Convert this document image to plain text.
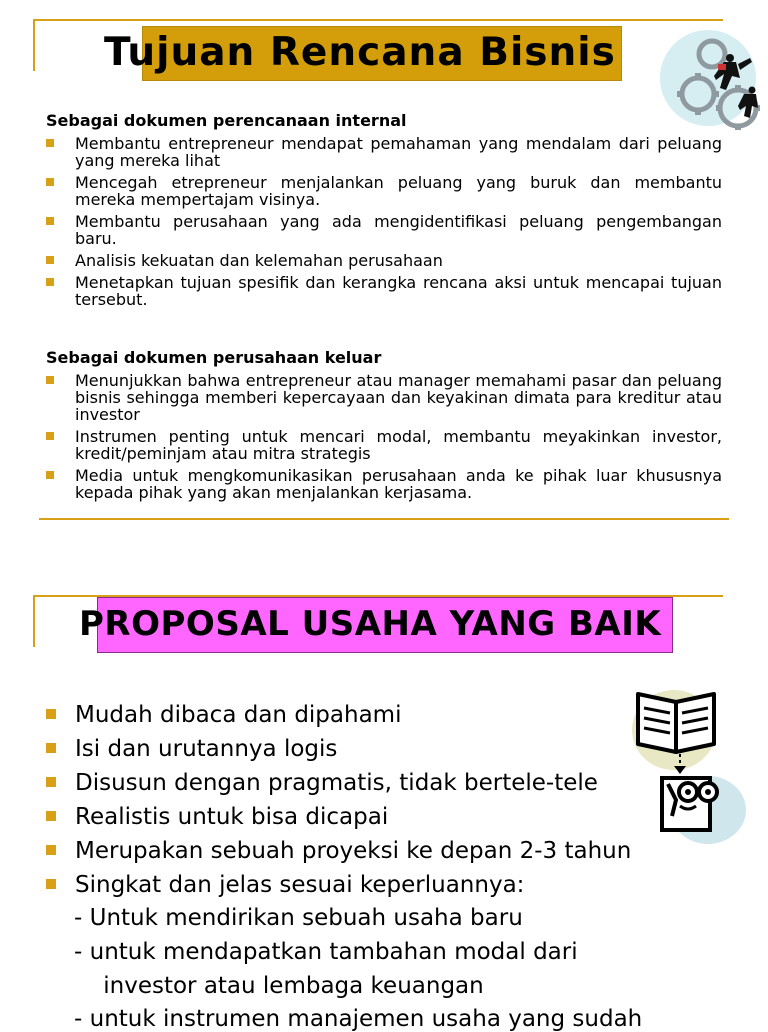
Tujuan Rencana Bisnis
Sebagai dokumen perencanaan internal
Membantu entrepreneur mendapat pemahaman yang mendalam dari peluang yang mereka lihat
Mencegah etrepreneur menjalankan peluang yang buruk dan membantu mereka mempertajam visinya.
Membantu perusahaan yang ada mengidentifikasi peluang pengembangan baru.
Analisis kekuatan dan kelemahan perusahaan
Menetapkan tujuan spesifik dan kerangka rencana aksi untuk mencapai tujuan tersebut.
Sebagai dokumen perusahaan keluar
Menunjukkan bahwa entrepreneur atau manager memahami pasar dan peluang bisnis sehingga memberi kepercayaan dan keyakinan dimata para kreditur atau investor
Instrumen penting untuk mencari modal, membantu meyakinkan investor, kredit/peminjam atau mitra strategis
Media untuk mengkomunikasikan perusahaan anda ke pihak luar khususnya kepada pihak yang akan menjalankan kerjasama.
PROPOSAL USAHA YANG BAIK
Mudah dibaca dan dipahami
Isi dan urutannya logis
Disusun dengan pragmatis, tidak bertele-tele
Realistis untuk bisa dicapai
Merupakan sebuah proyeksi ke depan 2-3 tahun
Singkat dan jelas sesuai keperluannya:
- Untuk mendirikan sebuah usaha baru
- untuk mendapatkan tambahan modal dari
investor atau lembaga keuangan
- untuk instrumen manajemen usaha yang sudah
